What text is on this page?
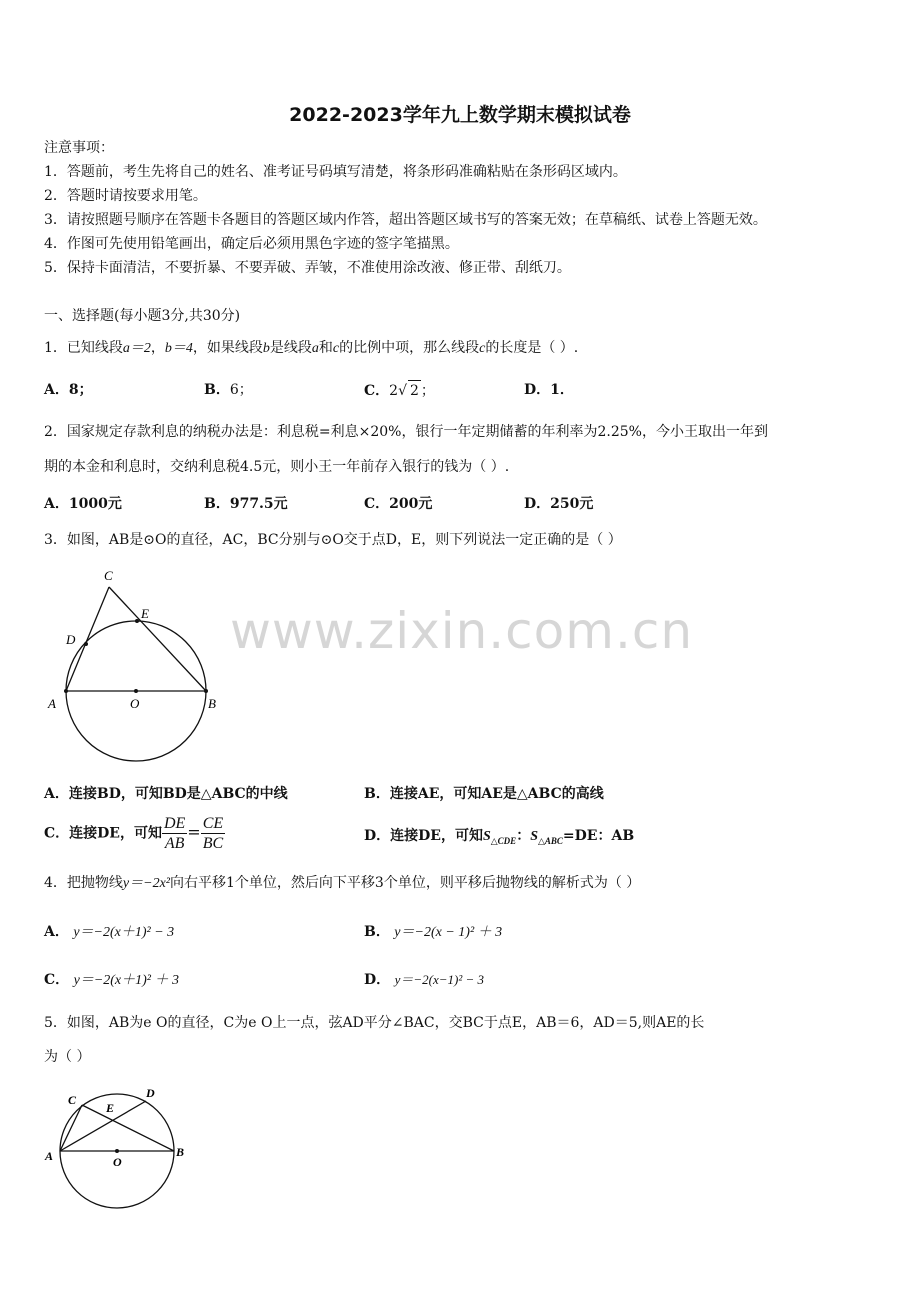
www.zixin.com.cn
2022-2023学年九上数学期末模拟试卷
注意事项：
1．答题前，考生先将自己的姓名、准考证号码填写清楚，将条形码准确粘贴在条形码区域内。
2．答题时请按要求用笔。
3．请按照题号顺序在答题卡各题目的答题区域内作答，超出答题区域书写的答案无效；在草稿纸、试卷上答题无效。
4．作图可先使用铅笔画出，确定后必须用黑色字迹的签字笔描黑。
5．保持卡面清洁，不要折暴、不要弄破、弄皱，不准使用涂改液、修正带、刮纸刀。
一、选择题(每小题3分,共30分)
1．已知线段a＝2，b＝4，如果线段b是线段a和c的比例中项，那么线段c的长度是（ ）.
A．8；	B．6；	C．2√ 2 ；	D．1．
2．国家规定存款利息的纳税办法是：利息税=利息×20%，银行一年定期储蓄的年利率为2.25%，今小王取出一年到
期的本金和利息时，交纳利息税4.5元，则小王一年前存入银行的钱为（ ）.
A．1000元	B．977.5元	C．200元	D．250元
3．如图，AB是⊙O的直径，AC，BC分别与⊙O交于点D，E，则下列说法一定正确的是（ ）
C
E
D
A	O	B
A．连接BD，可知BD是△ABC的中线	B．连接AE，可知AE是△ABC的高线
C．连接DE，可知 $\frac{DE}{AB} = \frac{CE}{BC}$	D．连接DE，可知$S_{\triangle CDE}$：$S_{\triangle ABC}=DE$：AB
4．把抛物线y＝−2x²向右平移1个单位，然后向下平移3个单位，则平移后抛物线的解析式为（ ）
A． y＝−2(x＋1)² − 3	B． y＝−2(x − 1)² ＋ 3
C． y＝−2(x＋1)² ＋ 3	D． y＝−2(x−1)² − 3
5．如图，AB为e O的直径，C为e O上一点，弦AD平分∠BAC，交BC于点E，AB＝6，AD＝5,则AE的长
为（ ）
C
E
D
A	O
B
